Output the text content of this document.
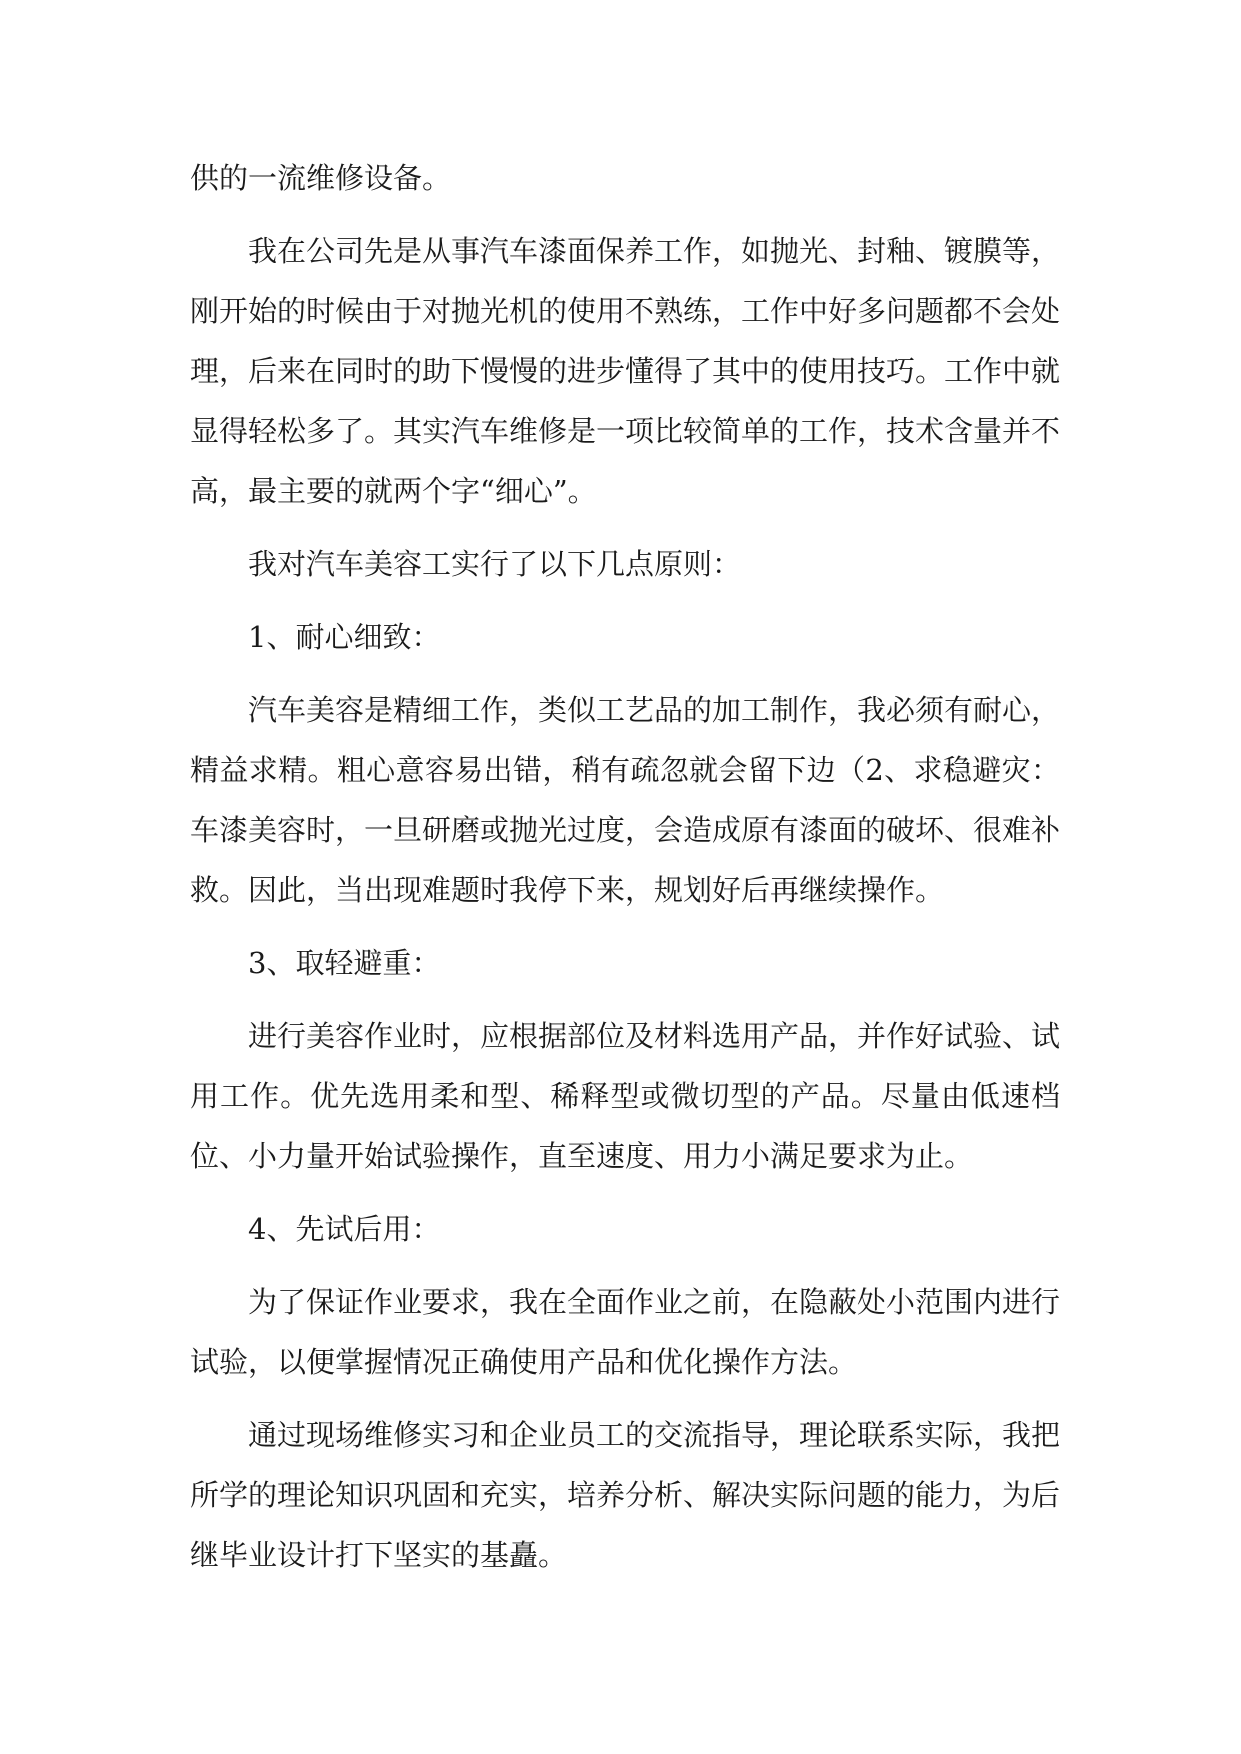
供的一流维修设备。

我在公司先是从事汽车漆面保养工作，如抛光、封釉、镀膜等，刚开始的时候由于对抛光机的使用不熟练，工作中好多问题都不会处理，后来在同时的助下慢慢的进步懂得了其中的使用技巧。工作中就显得轻松多了。其实汽车维修是一项比较简单的工作，技术含量并不高，最主要的就两个字“细心”。

我对汽车美容工实行了以下几点原则：

1、耐心细致：

汽车美容是精细工作，类似工艺品的加工制作，我必须有耐心，精益求精。粗心意容易出错，稍有疏忽就会留下边（2、求稳避灾：车漆美容时，一旦研磨或抛光过度，会造成原有漆面的破坏、很难补救。因此，当出现难题时我停下来，规划好后再继续操作。

3、取轻避重：

进行美容作业时，应根据部位及材料选用产品，并作好试验、试用工作。优先选用柔和型、稀释型或微切型的产品。尽量由低速档位、小力量开始试验操作，直至速度、用力小满足要求为止。

4、先试后用：

为了保证作业要求，我在全面作业之前，在隐蔽处小范围内进行试验，以便掌握情况正确使用产品和优化操作方法。

通过现场维修实习和企业员工的交流指导，理论联系实际，我把所学的理论知识巩固和充实，培养分析、解决实际问题的能力，为后继毕业设计打下坚实的基矗。
